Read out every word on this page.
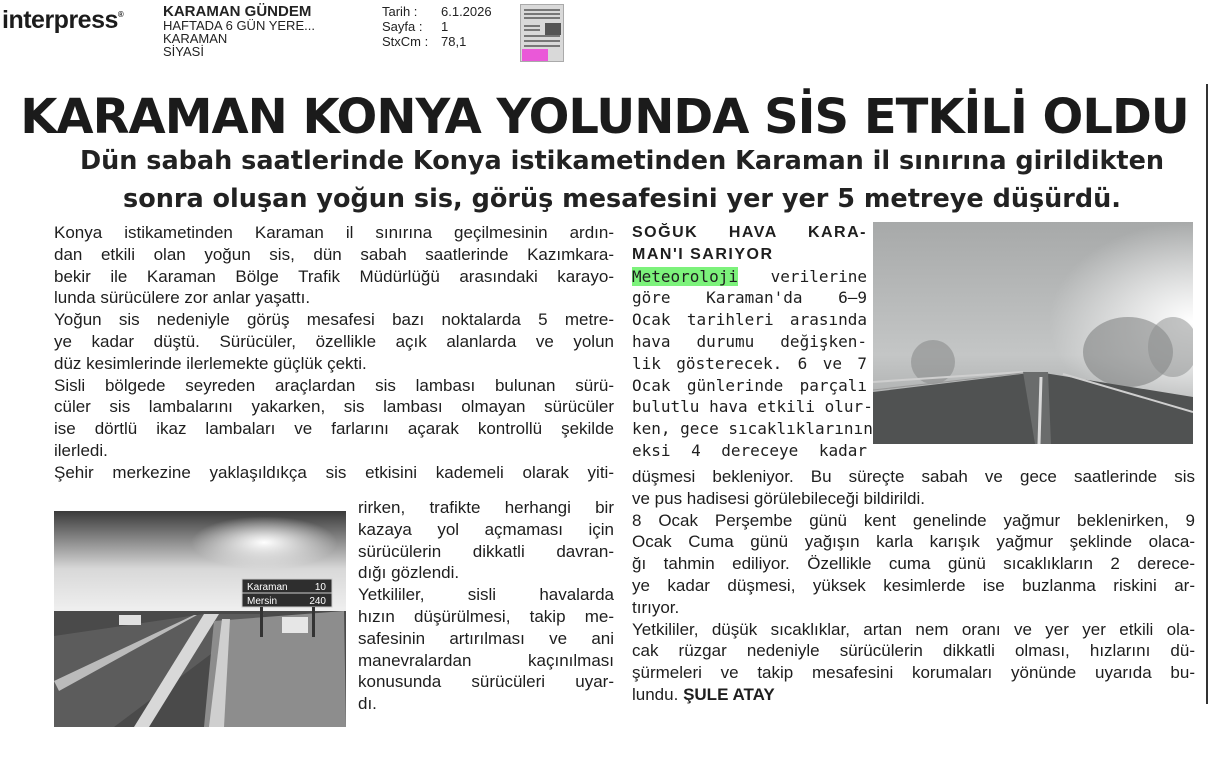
interpress®	KARAMAN GÜNDEM
HAFTADA 6 GÜN YERE...
KARAMAN
SİYASİ
Tarih : 6.1.2026
Sayfa : 1
StxCm : 78,1
KARAMAN KONYA YOLUNDA SİS ETKİLİ OLDU
Dün sabah saatlerinde Konya istikametinden Karaman il sınırına girildikten
sonra oluşan yoğun sis, görüş mesafesini yer yer 5 metreye düşürdü.

Konya istikametinden Karaman il sınırına geçilmesinin ardın-
dan etkili olan yoğun sis, dün sabah saatlerinde Kazımkara-
bekir ile Karaman Bölge Trafik Müdürlüğü arasındaki karayo-
lunda sürücülere zor anlar yaşattı.

Yoğun sis nedeniyle görüş mesafesi bazı noktalarda 5 metre-
ye kadar düştü. Sürücüler, özellikle açık alanlarda ve yolun
düz kesimlerinde ilerlemekte güçlük çekti.

Sisli bölgede seyreden araçlardan sis lambası bulunan sürü-
cüler sis lambalarını yakarken, sis lambası olmayan sürücüler
ise dörtlü ikaz lambaları ve farlarını açarak kontrollü şekilde
ilerledi.

Şehir merkezine yaklaşıldıkça sis etkisini kademeli olarak yiti-

Karaman	10
Mersin	240

rirken, trafikte herhangi bir
kazaya yol açmaması için
sürücülerin dikkatli davran-
dığı gözlendi.

Yetkililer, sisli havalarda
hızın düşürülmesi, takip me-
safesinin artırılması ve ani
manevralardan kaçınılması
konusunda sürücüleri uyar-
dı.

SOĞUK HAVA KARA-
MAN'I SARIYOR
Meteoroloji verilerine
göre Karaman'da 6–9
Ocak tarihleri arasında
hava durumu değişken-
lik gösterecek. 6 ve 7
Ocak günlerinde parçalı
bulutlu hava etkili olur-
ken, gece sıcaklıklarının
eksi 4 dereceye kadar

düşmesi bekleniyor. Bu süreçte sabah ve gece saatlerinde sis
ve pus hadisesi görülebileceği bildirildi.

8 Ocak Perşembe günü kent genelinde yağmur beklenirken, 9
Ocak Cuma günü yağışın karla karışık yağmur şeklinde olaca-
ğı tahmin ediliyor. Özellikle cuma günü sıcaklıkların 2 derece-
ye kadar düşmesi, yüksek kesimlerde ise buzlanma riskini ar-
tırıyor.

Yetkililer, düşük sıcaklıklar, artan nem oranı ve yer yer etkili ola-
cak rüzgar nedeniyle sürücülerin dikkatli olması, hızlarını dü-
şürmeleri ve takip mesafesini korumaları yönünde uyarıda bu-
lundu. ŞULE ATAY
